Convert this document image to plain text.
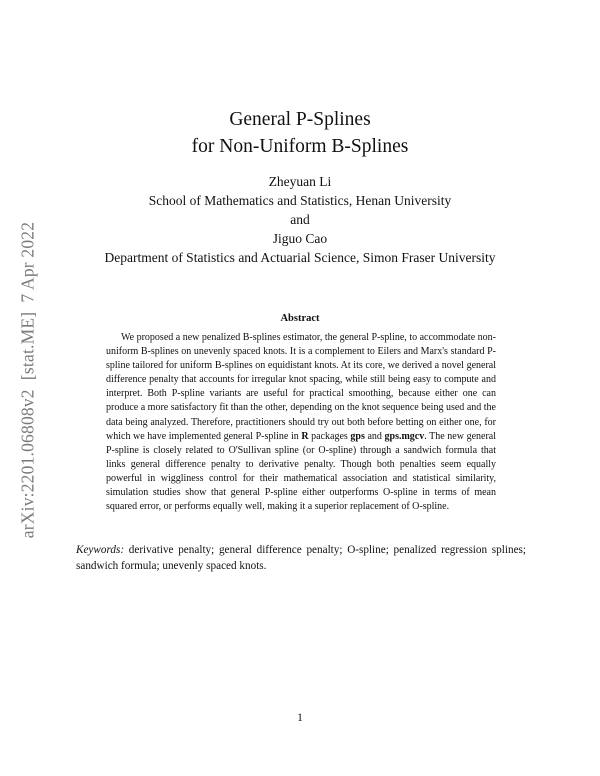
arXiv:2201.06808v2  [stat.ME]  7 Apr 2022
General P-Splines
for Non-Uniform B-Splines
Zheyuan Li
School of Mathematics and Statistics, Henan University
and
Jiguo Cao
Department of Statistics and Actuarial Science, Simon Fraser University
Abstract
We proposed a new penalized B-splines estimator, the general P-spline, to accommodate non-uniform B-splines on unevenly spaced knots. It is a complement to Eilers and Marx's standard P-spline tailored for uniform B-splines on equidistant knots. At its core, we derived a novel general difference penalty that accounts for irregular knot spacing, while still being easy to compute and interpret. Both P-spline variants are useful for practical smoothing, because either one can produce a more satisfactory fit than the other, depending on the knot sequence being used and the data being analyzed. Therefore, practitioners should try out both before betting on either one, for which we have implemented general P-spline in R packages gps and gps.mgcv. The new general P-spline is closely related to O'Sullivan spline (or O-spline) through a sandwich formula that links general difference penalty to derivative penalty. Though both penalties seem equally powerful in wiggliness control for their mathematical association and statistical similarity, simulation studies show that general P-spline either outperforms O-spline in terms of mean squared error, or performs equally well, making it a superior replacement of O-spline.
Keywords: derivative penalty; general difference penalty; O-spline; penalized regression splines; sandwich formula; unevenly spaced knots.
1
